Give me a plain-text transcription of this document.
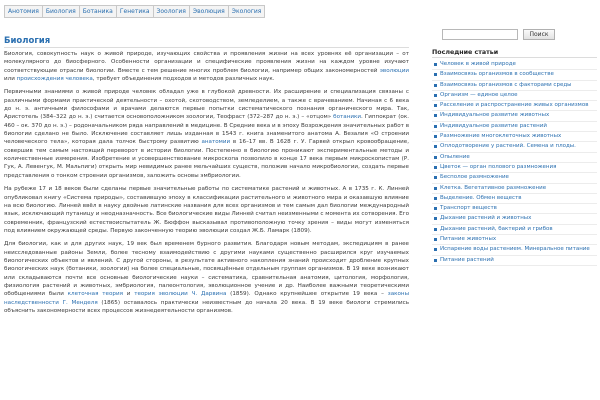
Анотомия	Биология	Ботаника	Генетика	Зоология	Эволюция	Экология
Поиск
Биология

Биология, совокупность наук о живой природе, изучающих свойства и проявления жизни на всех уровнях её организации – от молекулярного до биосферного. Особенности организации и специфические проявления жизни на каждом уровне изучают соответствующие отрасли биологии. Вместе с тем решение многих проблем биологии, например общих закономерностей эволюции или происхождения человека, требует объединения подходов и методов различных наук.

Первичными знаниями о живой природе человек обладал уже в глубокой древности. Их расширение и специализация связаны с различными формами практической деятельности – охотой, скотоводством, земледелием, а также с врачеванием. Начиная с 6 века до н. э. античными философами и врачами делаются первые попытки систематического познания органического мира. Так, Аристотель (384–322 до н. э.) считается основоположником зоологии, Теофраст (372–287 до н. э.) – «отцом» ботаники. Гиппократ (ок. 460 – ок. 370 до н. э.) – родоначальником ряда направлений в медицине. В Средние века и в эпоху Возрождения значительных работ в биологии сделано не было. Исключение составляет лишь изданная в 1543 г. книга знаменитого анатома А. Везалия «О строении человеческого тела», которая дала толчок быстрому развитию анатомии в 16–17 вв. В 1628 г. У. Гарвей открыл кровообращение, совершив тем самым настоящий переворот в истории биологии. Постепенно в биологию проникают экспериментальные методы и количественные измерения. Изобретение и усовершенствование микроскопа позволило в конце 17 века первым микроскопистам (Р. Гук, А. Левенгук, М. Мальпиги) открыть мир невидимых ранее мельчайших существ, положив начало микробиологии, создать первые представления о тонком строении организмов, заложить основы эмбриологии.

На рубеже 17 и 18 веков были сделаны первые значительные работы по систематике растений и животных. А в 1735 г. К. Линней опубликовал книгу «Система природы», составившую эпоху в классификации растительного и животного мира и оказавшую влияние на всю биологию. Линней ввёл в науку двойные латинские названия для всех организмов и тем самым дал биологии международный язык, исключающий путаницу и неодназначность. Все биологические виды Линней считал неизменными с момента их сотворения. Его современник, французский естествоиспытатель Ж. Бюффон высказывал противоположную точку зрения – виды могут изменяться под влиянием окружающей среды. Первую законченную теорию эволюции создал Ж.Б. Ламарк (1809).

Для биологии, как и для других наук, 19 век был временем бурного развития. Благодаря новым методам, экспедициям в ранее неисследованные районы Земли, более тесному взаимодействию с другими науками существенно расширился круг изучаемых биологических объектов и явлений. С другой стороны, в результате активного накопления знаний происходит дробление крупных биологических наук (ботаники, зоологии) на более специальные, посвящённые отдельным группам организмов. В 19 веке возникают или складываются почти все основные биологические науки – систематика, сравнительная анатомия, цитология, морфология, физиология растений и животных, эмбриология, палеонтология, эволюционное учение и др. Наиболее важными теоретическими обобщениями были клеточная теория и теория эволюции Ч. Дарвина (1859). Однако крупнейшее открытие 19 века – законы наследственности Г. Менделя (1865) оставалось практически неизвестным до начала 20 века. В 19 веке биологи стремились объяснить закономерности всех процессов жизнедеятельности организмов.

Последние статьи
Человек в живой природе
Взаимосвязь организмов в сообществе
Взаимосвязь организмов с факторами среды
Организм — единое целое
Расселение и распространение живых организмов
Индивидуальное развитие животных
Индивидуальное развитие растений
Размножение многоклеточных животных
Оплодотворение у растений. Семена и плоды.
Опыление
Цветок — орган полового размножения
Бесполое размножение
Клетка. Вегетативное размножение
Выделение. Обмен веществ
Транспорт веществ
Дыхание растений и животных
Дыхание растений, бактерий и грибов
Питание животных
Испарение воды растением. Минеральное питание
Питание растений
